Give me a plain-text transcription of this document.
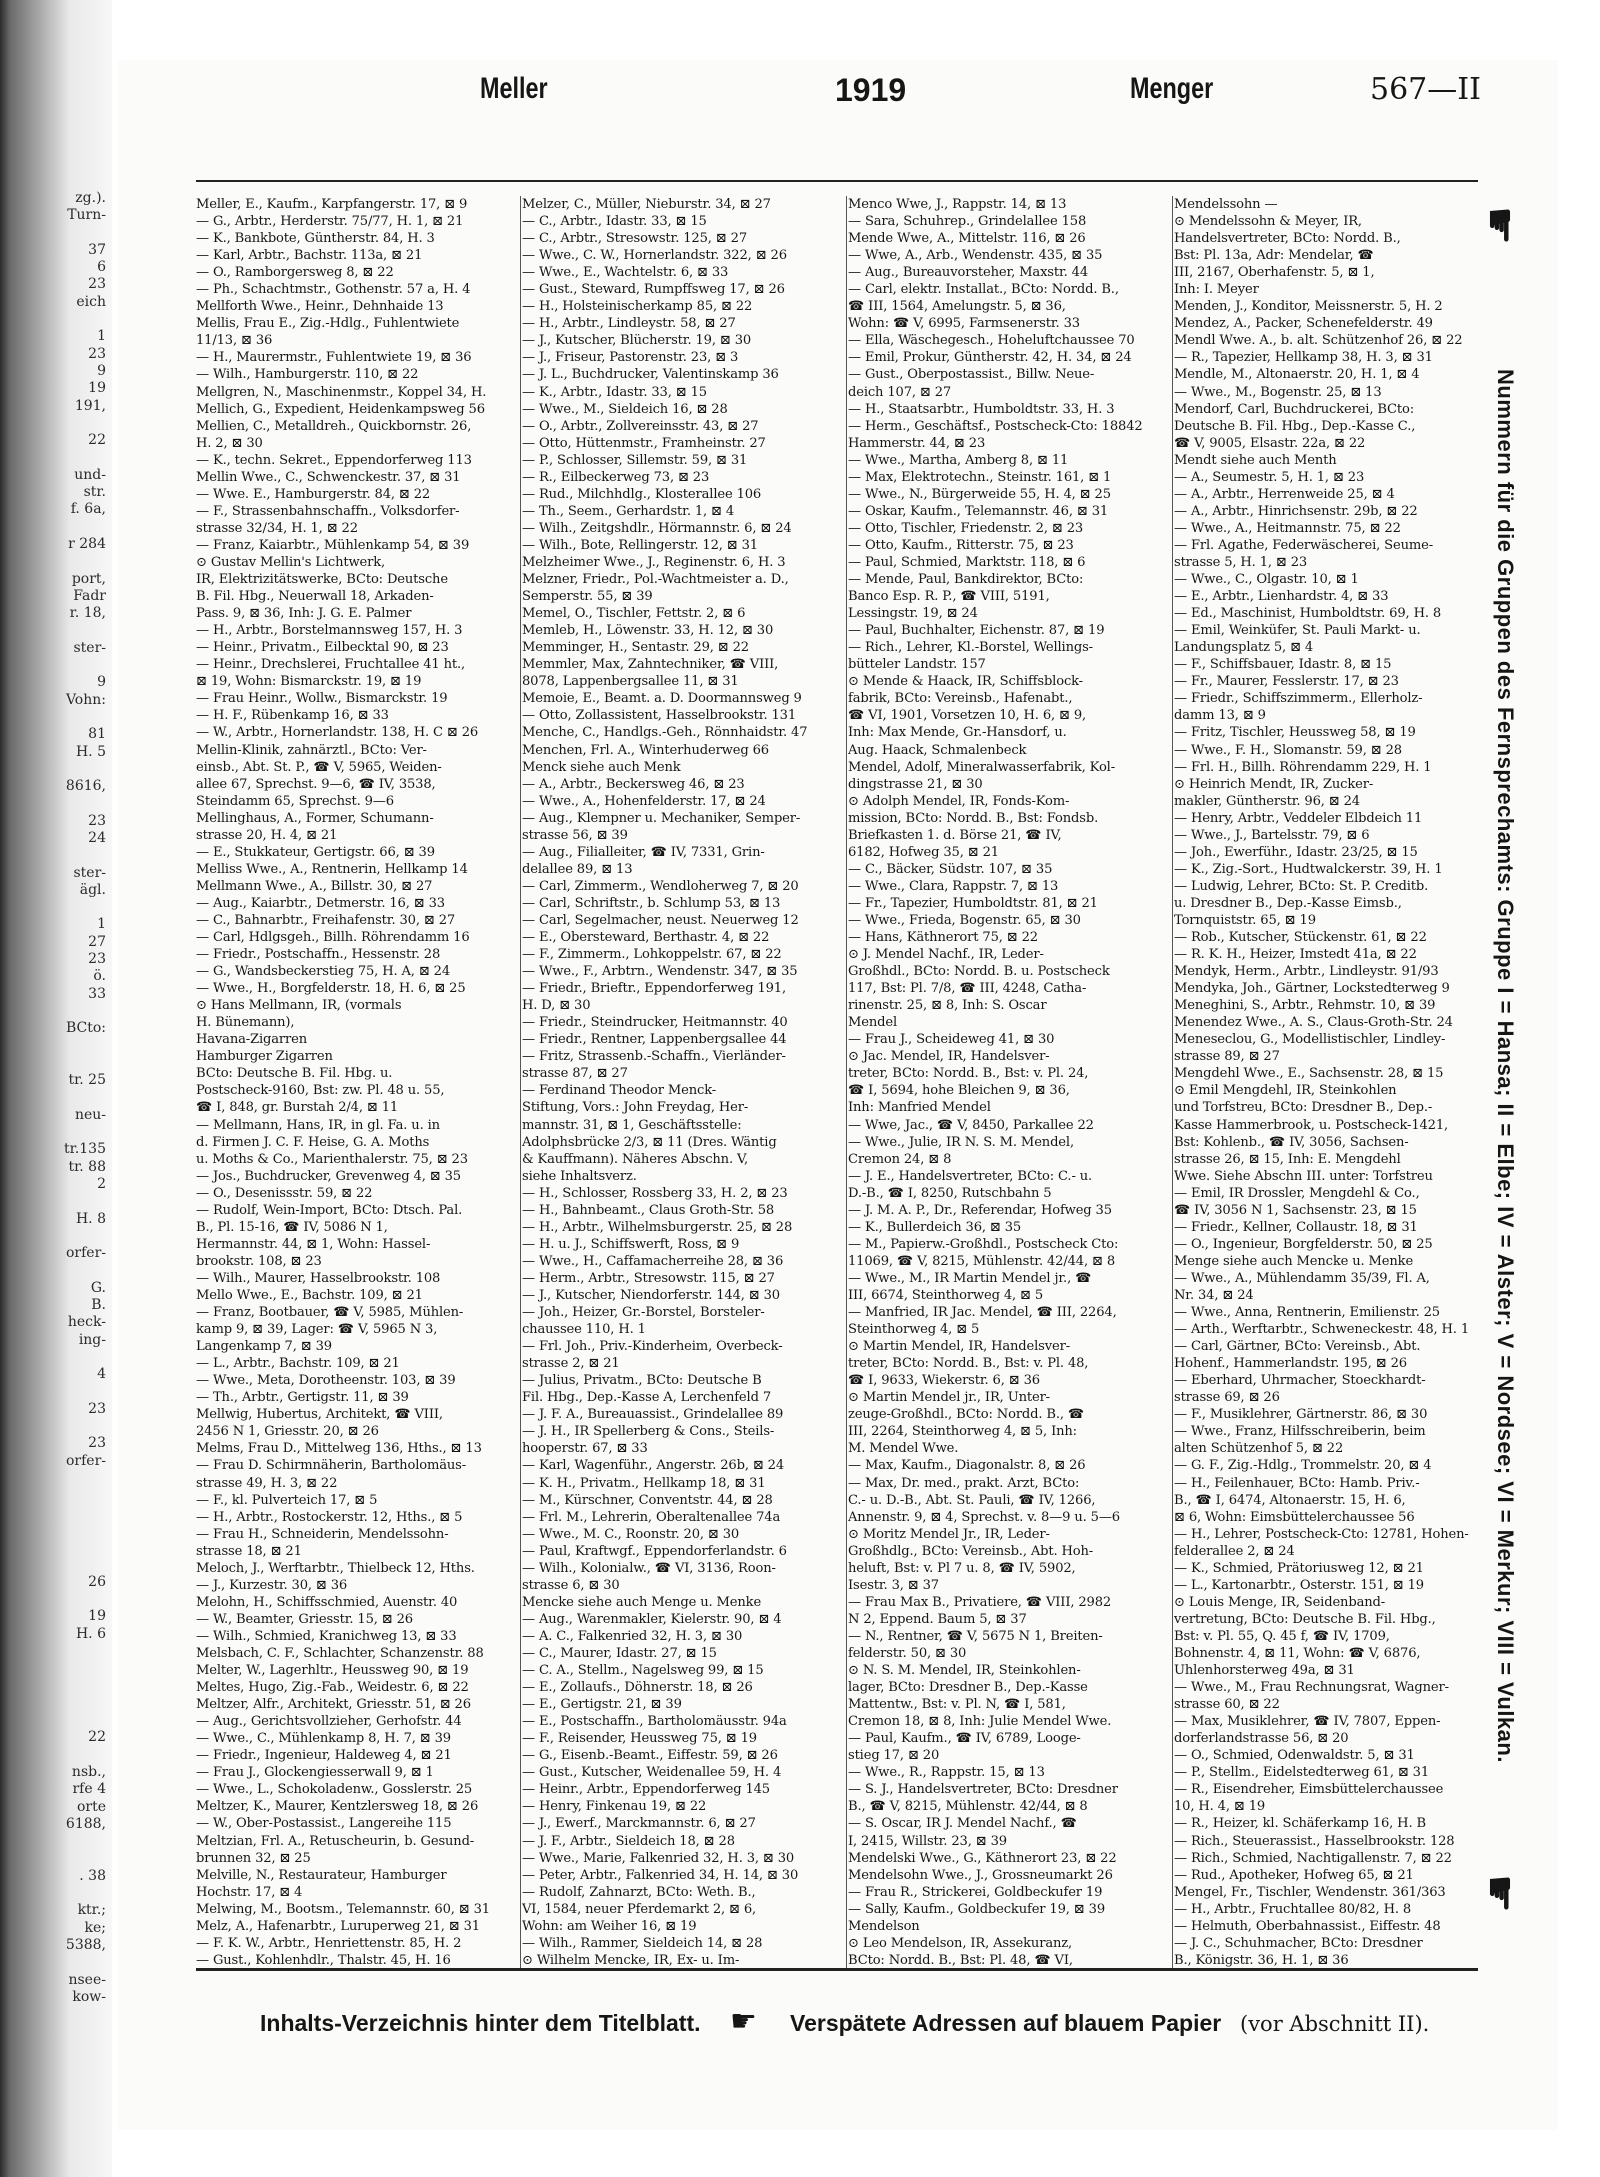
zg.).
Turn-

37
6
23
eich

1
23
9
19
191,

22

und-
str.
f. 6a,

r 284

port,
Fadr
r. 18,

ster-

9
Vohn:

81
H. 5

8616,

23
24

ster-
ägl.

1
27
23
ö.
33

BCto:

tr. 25

neu-

tr.135
tr. 88
2

H. 8

orfer-

G.
B.
heck-
ing-

4

23

23
orfer-

26

19
H. 6

22

nsb.,
rfe 4
orte
6188,

. 38

ktr.;
ke;
5388,

nsee-
kow-

Meller	1919	Menger	567—II
Meller, E., Kaufm., Karpfangerstr. 17, ⊠ 9
— G., Arbtr., Herderstr. 75/77, H. 1, ⊠ 21
— K., Bankbote, Güntherstr. 84, H. 3
— Karl, Arbtr., Bachstr. 113a, ⊠ 21
— O., Ramborgersweg 8, ⊠ 22
— Ph., Schachtmstr., Gothenstr. 57 a, H. 4
Mellforth Wwe., Heinr., Dehnhaide 13
Mellis, Frau E., Zig.-Hdlg., Fuhlentwiete
11/13, ⊠ 36
— H., Maurermstr., Fuhlentwiete 19, ⊠ 36
— Wilh., Hamburgerstr. 110, ⊠ 22
Mellgren, N., Maschinenmstr., Koppel 34, H.
Mellich, G., Expedient, Heidenkampsweg 56
Mellien, C., Metalldreh., Quickbornstr. 26,
H. 2, ⊠ 30
— K., techn. Sekret., Eppendorferweg 113
Mellin Wwe., C., Schwenckestr. 37, ⊠ 31
— Wwe. E., Hamburgerstr. 84, ⊠ 22
— F., Strassenbahnschaffn., Volksdorfer-
strasse 32/34, H. 1, ⊠ 22
— Franz, Kaiarbtr., Mühlenkamp 54, ⊠ 39
⊙ Gustav Mellin's Lichtwerk,
IR, Elektrizitätswerke, BCto: Deutsche
B. Fil. Hbg., Neuerwall 18, Arkaden-
Pass. 9, ⊠ 36, Inh: J. G. E. Palmer
— H., Arbtr., Borstelmannsweg 157, H. 3
— Heinr., Privatm., Eilbecktal 90, ⊠ 23
— Heinr., Drechslerei, Fruchtallee 41 ht.,
⊠ 19, Wohn: Bismarckstr. 19, ⊠ 19
— Frau Heinr., Wollw., Bismarckstr. 19
— H. F., Rübenkamp 16, ⊠ 33
— W., Arbtr., Hornerlandstr. 138, H. C ⊠ 26
Mellin-Klinik, zahnärztl., BCto: Ver-
einsb., Abt. St. P., ☎ V, 5965, Weiden-
allee 67, Sprechst. 9—6, ☎ IV, 3538,
Steindamm 65, Sprechst. 9—6
Mellinghaus, A., Former, Schumann-
strasse 20, H. 4, ⊠ 21
— E., Stukkateur, Gertigstr. 66, ⊠ 39
Melliss Wwe., A., Rentnerin, Hellkamp 14
Mellmann Wwe., A., Billstr. 30, ⊠ 27
— Aug., Kaiarbtr., Detmerstr. 16, ⊠ 33
— C., Bahnarbtr., Freihafenstr. 30, ⊠ 27
— Carl, Hdlgsgeh., Billh. Röhrendamm 16
— Friedr., Postschaffn., Hessenstr. 28
— G., Wandsbeckerstieg 75, H. A, ⊠ 24
— Wwe., H., Borgfelderstr. 18, H. 6, ⊠ 25
⊙ Hans Mellmann, IR, (vormals
H. Bünemann),
Havana-Zigarren
Hamburger Zigarren
BCto: Deutsche B. Fil. Hbg. u.
Postscheck-9160, Bst: zw. Pl. 48 u. 55,
☎ I, 848, gr. Burstah 2/4, ⊠ 11
— Mellmann, Hans, IR, in gl. Fa. u. in
d. Firmen J. C. F. Heise, G. A. Moths
u. Moths & Co., Marienthalerstr. 75, ⊠ 23
— Jos., Buchdrucker, Grevenweg 4, ⊠ 35
— O., Desenissstr. 59, ⊠ 22
— Rudolf, Wein-Import, BCto: Dtsch. Pal.
B., Pl. 15-16, ☎ IV, 5086 N 1,
Hermannstr. 44, ⊠ 1, Wohn: Hassel-
brookstr. 108, ⊠ 23
— Wilh., Maurer, Hasselbrookstr. 108
Mello Wwe., E., Bachstr. 109, ⊠ 21
— Franz, Bootbauer, ☎ V, 5985, Mühlen-
kamp 9, ⊠ 39, Lager: ☎ V, 5965 N 3,
Langenkamp 7, ⊠ 39
— L., Arbtr., Bachstr. 109, ⊠ 21
— Wwe., Meta, Dorotheenstr. 103, ⊠ 39
— Th., Arbtr., Gertigstr. 11, ⊠ 39
Mellwig, Hubertus, Architekt, ☎ VIII,
2456 N 1, Griesstr. 20, ⊠ 26
Melms, Frau D., Mittelweg 136, Hths., ⊠ 13
— Frau D. Schirmnäherin, Bartholomäus-
strasse 49, H. 3, ⊠ 22
— F., kl. Pulverteich 17, ⊠ 5
— H., Arbtr., Rostockerstr. 12, Hths., ⊠ 5
— Frau H., Schneiderin, Mendelssohn-
strasse 18, ⊠ 21
Meloch, J., Werftarbtr., Thielbeck 12, Hths.
— J., Kurzestr. 30, ⊠ 36
Melohn, H., Schiffsschmied, Auenstr. 40
— W., Beamter, Griesstr. 15, ⊠ 26
— Wilh., Schmied, Kranichweg 13, ⊠ 33
Melsbach, C. F., Schlachter, Schanzenstr. 88
Melter, W., Lagerhltr., Heussweg 90, ⊠ 19
Meltes, Hugo, Zig.-Fab., Weidestr. 6, ⊠ 22
Meltzer, Alfr., Architekt, Griesstr. 51, ⊠ 26
— Aug., Gerichtsvollzieher, Gerhofstr. 44
— Wwe., C., Mühlenkamp 8, H. 7, ⊠ 39
— Friedr., Ingenieur, Haldeweg 4, ⊠ 21
— Frau J., Glockengiesserwall 9, ⊠ 1
— Wwe., L., Schokoladenw., Gosslerstr. 25
Meltzer, K., Maurer, Kentzlersweg 18, ⊠ 26
— W., Ober-Postassist., Langereihe 115
Meltzian, Frl. A., Retuscheurin, b. Gesund-
brunnen 32, ⊠ 25
Melville, N., Restaurateur, Hamburger
Hochstr. 17, ⊠ 4
Melwing, M., Bootsm., Telemannstr. 60, ⊠ 31
Melz, A., Hafenarbtr., Luruperweg 21, ⊠ 31
— F. K. W., Arbtr., Henriettenstr. 85, H. 2
— Gust., Kohlenhdlr., Thalstr. 45, H. 16
Melzer, C., Müller, Nieburstr. 34, ⊠ 27
— C., Arbtr., Idastr. 33, ⊠ 15
— C., Arbtr., Stresowstr. 125, ⊠ 27
— Wwe., C. W., Hornerlandstr. 322, ⊠ 26
— Wwe., E., Wachtelstr. 6, ⊠ 33
— Gust., Steward, Rumpffsweg 17, ⊠ 26
— H., Holsteinischerkamp 85, ⊠ 22
— H., Arbtr., Lindleystr. 58, ⊠ 27
— J., Kutscher, Blücherstr. 19, ⊠ 30
— J., Friseur, Pastorenstr. 23, ⊠ 3
— J. L., Buchdrucker, Valentinskamp 36
— K., Arbtr., Idastr. 33, ⊠ 15
— Wwe., M., Sieldeich 16, ⊠ 28
— O., Arbtr., Zollvereinsstr. 43, ⊠ 27
— Otto, Hüttenmstr., Framheinstr. 27
— P., Schlosser, Sillemstr. 59, ⊠ 31
— R., Eilbeckerweg 73, ⊠ 23
— Rud., Milchhdlg., Klosterallee 106
— Th., Seem., Gerhardstr. 1, ⊠ 4
— Wilh., Zeitgshdlr., Hörmannstr. 6, ⊠ 24
— Wilh., Bote, Rellingerstr. 12, ⊠ 31
Melzheimer Wwe., J., Reginenstr. 6, H. 3
Melzner, Friedr., Pol.-Wachtmeister a. D.,
Semperstr. 55, ⊠ 39
Memel, O., Tischler, Fettstr. 2, ⊠ 6
Memleb, H., Löwenstr. 33, H. 12, ⊠ 30
Memminger, H., Sentastr. 29, ⊠ 22
Memmler, Max, Zahntechniker, ☎ VIII,
8078, Lappenbergsallee 11, ⊠ 31
Memoie, E., Beamt. a. D. Doormannsweg 9
— Otto, Zollassistent, Hasselbrookstr. 131
Menche, C., Handlgs.-Geh., Rönnhaidstr. 47
Menchen, Frl. A., Winterhuderweg 66
Menck siehe auch Menk
— A., Arbtr., Beckersweg 46, ⊠ 23
— Wwe., A., Hohenfelderstr. 17, ⊠ 24
— Aug., Klempner u. Mechaniker, Semper-
strasse 56, ⊠ 39
— Aug., Filialleiter, ☎ IV, 7331, Grin-
delallee 89, ⊠ 13
— Carl, Zimmerm., Wendloherweg 7, ⊠ 20
— Carl, Schriftstr., b. Schlump 53, ⊠ 13
— Carl, Segelmacher, neust. Neuerweg 12
— E., Obersteward, Berthastr. 4, ⊠ 22
— F., Zimmerm., Lohkoppelstr. 67, ⊠ 22
— Wwe., F., Arbtrn., Wendenstr. 347, ⊠ 35
— Friedr., Brieftr., Eppendorferweg 191,
H. D, ⊠ 30
— Friedr., Steindrucker, Heitmannstr. 40
— Friedr., Rentner, Lappenbergsallee 44
— Fritz, Strassenb.-Schaffn., Vierländer-
strasse 87, ⊠ 27
— Ferdinand Theodor Menck-
Stiftung, Vors.: John Freydag, Her-
mannstr. 31, ⊠ 1, Geschäftsstelle:
Adolphsbrücke 2/3, ⊠ 11 (Dres. Wäntig
& Kauffmann). Näheres Abschn. V,
siehe Inhaltsverz.
— H., Schlosser, Rossberg 33, H. 2, ⊠ 23
— H., Bahnbeamt., Claus Groth-Str. 58
— H., Arbtr., Wilhelmsburgerstr. 25, ⊠ 28
— H. u. J., Schiffswerft, Ross, ⊠ 9
— Wwe., H., Caffamacherreihe 28, ⊠ 36
— Herm., Arbtr., Stresowstr. 115, ⊠ 27
— J., Kutscher, Niendorferstr. 144, ⊠ 30
— Joh., Heizer, Gr.-Borstel, Borsteler-
chaussee 110, H. 1
— Frl. Joh., Priv.-Kinderheim, Overbeck-
strasse 2, ⊠ 21
— Julius, Privatm., BCto: Deutsche B
Fil. Hbg., Dep.-Kasse A, Lerchenfeld 7
— J. F. A., Bureauassist., Grindelallee 89
— J. H., IR Spellerberg & Cons., Steils-
hooperstr. 67, ⊠ 33
— Karl, Wagenführ., Angerstr. 26b, ⊠ 24
— K. H., Privatm., Hellkamp 18, ⊠ 31
— M., Kürschner, Conventstr. 44, ⊠ 28
— Frl. M., Lehrerin, Oberaltenallee 74a
— Wwe., M. C., Roonstr. 20, ⊠ 30
— Paul, Kraftwgf., Eppendorferlandstr. 6
— Wilh., Kolonialw., ☎ VI, 3136, Roon-
strasse 6, ⊠ 30
Mencke siehe auch Menge u. Menke
— Aug., Warenmakler, Kielerstr. 90, ⊠ 4
— A. C., Falkenried 32, H. 3, ⊠ 30
— C., Maurer, Idastr. 27, ⊠ 15
— C. A., Stellm., Nagelsweg 99, ⊠ 15
— E., Zollaufs., Döhnerstr. 18, ⊠ 26
— E., Gertigstr. 21, ⊠ 39
— E., Postschaffn., Bartholomäusstr. 94a
— F., Reisender, Heussweg 75, ⊠ 19
— G., Eisenb.-Beamt., Eiffestr. 59, ⊠ 26
— Gust., Kutscher, Weidenallee 59, H. 4
— Heinr., Arbtr., Eppendorferweg 145
— Henry, Finkenau 19, ⊠ 22
— J., Ewerf., Marckmannstr. 6, ⊠ 27
— J. F., Arbtr., Sieldeich 18, ⊠ 28
— Wwe., Marie, Falkenried 32, H. 3, ⊠ 30
— Peter, Arbtr., Falkenried 34, H. 14, ⊠ 30
— Rudolf, Zahnarzt, BCto: Weth. B.,
VI, 1584, neuer Pferdemarkt 2, ⊠ 6,
Wohn: am Weiher 16, ⊠ 19
— Wilh., Rammer, Sieldeich 14, ⊠ 28
⊙ Wilhelm Mencke, IR, Ex- u. Im-
Menco Wwe, J., Rappstr. 14, ⊠ 13
— Sara, Schuhrep., Grindelallee 158
Mende Wwe, A., Mittelstr. 116, ⊠ 26
— Wwe, A., Arb., Wendenstr. 435, ⊠ 35
— Aug., Bureauvorsteher, Maxstr. 44
— Carl, elektr. Installat., BCto: Nordd. B.,
☎ III, 1564, Amelungstr. 5, ⊠ 36,
Wohn: ☎ V, 6995, Farmsenerstr. 33
— Ella, Wäschegesch., Hoheluftchaussee 70
— Emil, Prokur, Güntherstr. 42, H. 34, ⊠ 24
— Gust., Oberpostassist., Billw. Neue-
deich 107, ⊠ 27
— H., Staatsarbtr., Humboldtstr. 33, H. 3
— Herm., Geschäftsf., Postscheck-Cto: 18842
Hammerstr. 44, ⊠ 23
— Wwe., Martha, Amberg 8, ⊠ 11
— Max, Elektrotechn., Steinstr. 161, ⊠ 1
— Wwe., N., Bürgerweide 55, H. 4, ⊠ 25
— Oskar, Kaufm., Telemannstr. 46, ⊠ 31
— Otto, Tischler, Friedenstr. 2, ⊠ 23
— Otto, Kaufm., Ritterstr. 75, ⊠ 23
— Paul, Schmied, Marktstr. 118, ⊠ 6
— Mende, Paul, Bankdirektor, BCto:
Banco Esp. R. P., ☎ VIII, 5191,
Lessingstr. 19, ⊠ 24
— Paul, Buchhalter, Eichenstr. 87, ⊠ 19
— Rich., Lehrer, Kl.-Borstel, Wellings-
bütteler Landstr. 157
⊙ Mende & Haack, IR, Schiffsblock-
fabrik, BCto: Vereinsb., Hafenabt.,
☎ VI, 1901, Vorsetzen 10, H. 6, ⊠ 9,
Inh: Max Mende, Gr.-Hansdorf, u.
Aug. Haack, Schmalenbeck
Mendel, Adolf, Mineralwasserfabrik, Kol-
dingstrasse 21, ⊠ 30
⊙ Adolph Mendel, IR, Fonds-Kom-
mission, BCto: Nordd. B., Bst: Fondsb.
Briefkasten 1. d. Börse 21, ☎ IV,
6182, Hofweg 35, ⊠ 21
— C., Bäcker, Südstr. 107, ⊠ 35
— Wwe., Clara, Rappstr. 7, ⊠ 13
— Fr., Tapezier, Humboldtstr. 81, ⊠ 21
— Wwe., Frieda, Bogenstr. 65, ⊠ 30
— Hans, Käthnerort 75, ⊠ 22
⊙ J. Mendel Nachf., IR, Leder-
Großhdl., BCto: Nordd. B. u. Postscheck
117, Bst: Pl. 7/8, ☎ III, 4248, Catha-
rinenstr. 25, ⊠ 8, Inh: S. Oscar
Mendel
— Frau J., Scheideweg 41, ⊠ 30
⊙ Jac. Mendel, IR, Handelsver-
treter, BCto: Nordd. B., Bst: v. Pl. 24,
☎ I, 5694, hohe Bleichen 9, ⊠ 36,
Inh: Manfried Mendel
— Wwe, Jac., ☎ V, 8450, Parkallee 22
— Wwe., Julie, IR N. S. M. Mendel,
Cremon 24, ⊠ 8
— J. E., Handelsvertreter, BCto: C.- u.
D.-B., ☎ I, 8250, Rutschbahn 5
— J. M. A. P., Dr., Referendar, Hofweg 35
— K., Bullerdeich 36, ⊠ 35
— M., Papierw.-Großhdl., Postscheck Cto:
11069, ☎ V, 8215, Mühlenstr. 42/44, ⊠ 8
— Wwe., M., IR Martin Mendel jr., ☎
III, 6674, Steinthorweg 4, ⊠ 5
— Manfried, IR Jac. Mendel, ☎ III, 2264,
Steinthorweg 4, ⊠ 5
⊙ Martin Mendel, IR, Handelsver-
treter, BCto: Nordd. B., Bst: v. Pl. 48,
☎ I, 9633, Wiekerstr. 6, ⊠ 36
⊙ Martin Mendel jr., IR, Unter-
zeuge-Großhdl., BCto: Nordd. B., ☎
III, 2264, Steinthorweg 4, ⊠ 5, Inh:
M. Mendel Wwe.
— Max, Kaufm., Diagonalstr. 8, ⊠ 26
— Max, Dr. med., prakt. Arzt, BCto:
C.- u. D.-B., Abt. St. Pauli, ☎ IV, 1266,
Annenstr. 9, ⊠ 4, Sprechst. v. 8—9 u. 5—6
⊙ Moritz Mendel Jr., IR, Leder-
Großhdlg., BCto: Vereinsb., Abt. Hoh-
heluft, Bst: v. Pl 7 u. 8, ☎ IV, 5902,
Isestr. 3, ⊠ 37
— Frau Max B., Privatiere, ☎ VIII, 2982
N 2, Eppend. Baum 5, ⊠ 37
— N., Rentner, ☎ V, 5675 N 1, Breiten-
felderstr. 50, ⊠ 30
⊙ N. S. M. Mendel, IR, Steinkohlen-
lager, BCto: Dresdner B., Dep.-Kasse
Mattentw., Bst: v. Pl. N, ☎ I, 581,
Cremon 18, ⊠ 8, Inh: Julie Mendel Wwe.
— Paul, Kaufm., ☎ IV, 6789, Looge-
stieg 17, ⊠ 20
— Wwe., R., Rappstr. 15, ⊠ 13
— S. J., Handelsvertreter, BCto: Dresdner
B., ☎ V, 8215, Mühlenstr. 42/44, ⊠ 8
— S. Oscar, IR J. Mendel Nachf., ☎
I, 2415, Willstr. 23, ⊠ 39
Mendelski Wwe., G., Käthnerort 23, ⊠ 22
Mendelsohn Wwe., J., Grossneumarkt 26
— Frau R., Strickerei, Goldbeckufer 19
— Sally, Kaufm., Goldbeckufer 19, ⊠ 39
Mendelson
⊙ Leo Mendelson, IR, Assekuranz,
BCto: Nordd. B., Bst: Pl. 48, ☎ VI,
Mendelssohn —
⊙ Mendelssohn & Meyer, IR,
Handelsvertreter, BCto: Nordd. B.,
Bst: Pl. 13a, Adr: Mendelar, ☎
III, 2167, Oberhafenstr. 5, ⊠ 1,
Inh: I. Meyer
Menden, J., Konditor, Meissnerstr. 5, H. 2
Mendez, A., Packer, Schenefelderstr. 49
Mendl Wwe. A., b. alt. Schützenhof 26, ⊠ 22
— R., Tapezier, Hellkamp 38, H. 3, ⊠ 31
Mendle, M., Altonaerstr. 20, H. 1, ⊠ 4
— Wwe., M., Bogenstr. 25, ⊠ 13
Mendorf, Carl, Buchdruckerei, BCto:
Deutsche B. Fil. Hbg., Dep.-Kasse C.,
☎ V, 9005, Elsastr. 22a, ⊠ 22
Mendt siehe auch Menth
— A., Seumestr. 5, H. 1, ⊠ 23
— A., Arbtr., Herrenweide 25, ⊠ 4
— A., Arbtr., Hinrichsenstr. 29b, ⊠ 22
— Wwe., A., Heitmannstr. 75, ⊠ 22
— Frl. Agathe, Federwäscherei, Seume-
strasse 5, H. 1, ⊠ 23
— Wwe., C., Olgastr. 10, ⊠ 1
— E., Arbtr., Lienhardstr. 4, ⊠ 33
— Ed., Maschinist, Humboldtstr. 69, H. 8
— Emil, Weinküfer, St. Pauli Markt- u.
Landungsplatz 5, ⊠ 4
— F., Schiffsbauer, Idastr. 8, ⊠ 15
— Fr., Maurer, Fesslerstr. 17, ⊠ 23
— Friedr., Schiffszimmerm., Ellerholz-
damm 13, ⊠ 9
— Fritz, Tischler, Heussweg 58, ⊠ 19
— Wwe., F. H., Slomanstr. 59, ⊠ 28
— Frl. H., Billh. Röhrendamm 229, H. 1
⊙ Heinrich Mendt, IR, Zucker-
makler, Güntherstr. 96, ⊠ 24
— Henry, Arbtr., Veddeler Elbdeich 11
— Wwe., J., Bartelsstr. 79, ⊠ 6
— Joh., Ewerführ., Idastr. 23/25, ⊠ 15
— K., Zig.-Sort., Hudtwalckerstr. 39, H. 1
— Ludwig, Lehrer, BCto: St. P. Creditb.
u. Dresdner B., Dep.-Kasse Eimsb.,
Tornquiststr. 65, ⊠ 19
— Rob., Kutscher, Stückenstr. 61, ⊠ 22
— R. K. H., Heizer, Imstedt 41a, ⊠ 22
Mendyk, Herm., Arbtr., Lindleystr. 91/93
Mendyka, Joh., Gärtner, Lockstedterweg 9
Meneghini, S., Arbtr., Rehmstr. 10, ⊠ 39
Menendez Wwe., A. S., Claus-Groth-Str. 24
Meneseclou, G., Modellistischler, Lindley-
strasse 89, ⊠ 27
Mengdehl Wwe., E., Sachsenstr. 28, ⊠ 15
⊙ Emil Mengdehl, IR, Steinkohlen
und Torfstreu, BCto: Dresdner B., Dep.-
Kasse Hammerbrook, u. Postscheck-1421,
Bst: Kohlenb., ☎ IV, 3056, Sachsen-
strasse 26, ⊠ 15, Inh: E. Mengdehl
Wwe. Siehe Abschn III. unter: Torfstreu
— Emil, IR Drossler, Mengdehl & Co.,
☎ IV, 3056 N 1, Sachsenstr. 23, ⊠ 15
— Friedr., Kellner, Collaustr. 18, ⊠ 31
— O., Ingenieur, Borgfelderstr. 50, ⊠ 25
Menge siehe auch Mencke u. Menke
— Wwe., A., Mühlendamm 35/39, Fl. A,
Nr. 34, ⊠ 24
— Wwe., Anna, Rentnerin, Emilienstr. 25
— Arth., Werftarbtr., Schweneckestr. 48, H. 1
— Carl, Gärtner, BCto: Vereinsb., Abt.
Hohenf., Hammerlandstr. 195, ⊠ 26
— Eberhard, Uhrmacher, Stoeckhardt-
strasse 69, ⊠ 26
— F., Musiklehrer, Gärtnerstr. 86, ⊠ 30
— Wwe., Franz, Hilfsschreiberin, beim
alten Schützenhof 5, ⊠ 22
— G. F., Zig.-Hdlg., Trommelstr. 20, ⊠ 4
— H., Feilenhauer, BCto: Hamb. Priv.-
B., ☎ I, 6474, Altonaerstr. 15, H. 6,
⊠ 6, Wohn: Eimsbüttelerchaussee 56
— H., Lehrer, Postscheck-Cto: 12781, Hohen-
felderallee 2, ⊠ 24
— K., Schmied, Prätoriusweg 12, ⊠ 21
— L., Kartonarbtr., Osterstr. 151, ⊠ 19
⊙ Louis Menge, IR, Seidenband-
vertretung, BCto: Deutsche B. Fil. Hbg.,
Bst: v. Pl. 55, Q. 45 f, ☎ IV, 1709,
Bohnenstr. 4, ⊠ 11, Wohn: ☎ V, 6876,
Uhlenhorsterweg 49a, ⊠ 31
— Wwe., M., Frau Rechnungsrat, Wagner-
strasse 60, ⊠ 22
— Max, Musiklehrer, ☎ IV, 7807, Eppen-
dorferlandstrasse 56, ⊠ 20
— O., Schmied, Odenwaldstr. 5, ⊠ 31
— P., Stellm., Eidelstedterweg 61, ⊠ 31
— R., Eisendreher, Eimsbüttelerchaussee
10, H. 4, ⊠ 19
— R., Heizer, kl. Schäferkamp 16, H. B
— Rich., Steuerassist., Hasselbrookstr. 128
— Rich., Schmied, Nachtigallenstr. 7, ⊠ 22
— Rud., Apotheker, Hofweg 65, ⊠ 21
Mengel, Fr., Tischler, Wendenstr. 361/363
— H., Arbtr., Fruchtallee 80/82, H. 8
— Helmuth, Oberbahnassist., Eiffestr. 48
— J. C., Schuhmacher, BCto: Dresdner
B., Königstr. 36, H. 1, ⊠ 36
Nummern für die Gruppen des Fernsprechamts: Gruppe I = Hansa; II = Elbe; IV = Alster; V = Nordsee; VI = Merkur; VIII = Vulkan.
☛
☛
Inhalts-Verzeichnis hinter dem Titelblatt. ☛ Verspätete Adressen auf blauem Papier (vor Abschnitt II).
